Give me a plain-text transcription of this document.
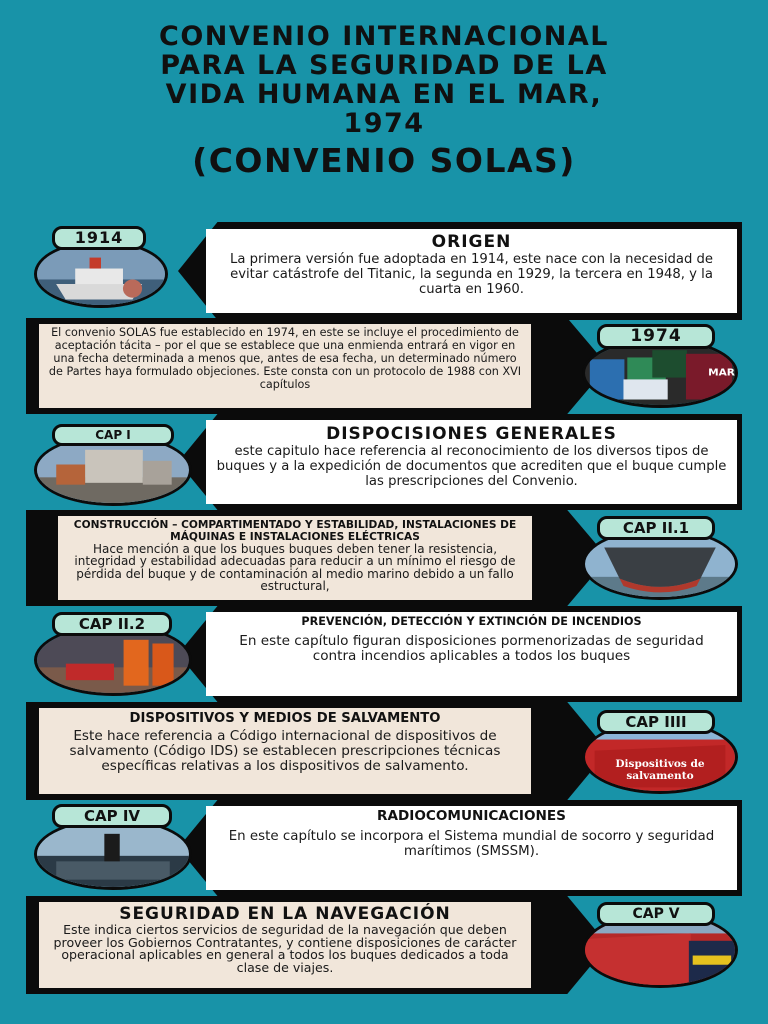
CONVENIO INTERNACIONAL
PARA LA SEGURIDAD DE LA
VIDA HUMANA EN EL MAR,
1974
(CONVENIO SOLAS)
ORIGEN
La primera versión fue adoptada en 1914, este nace con la necesidad de evitar catástrofe del Titanic, la segunda en 1929, la tercera en 1948, y la cuarta en 1960.
1914
El convenio SOLAS fue establecido en 1974, en este se incluye el procedimiento de aceptación tácita – por el que se establece que una enmienda entrará en vigor en una fecha determinada a menos que, antes de esa fecha, un determinado número de Partes haya formulado objeciones. Este consta con un protocolo de 1988 con XVI capítulos
MAR
1974
DISPOCISIONES GENERALES
este capitulo hace referencia al reconocimiento de los diversos tipos de buques y a la expedición de documentos que acrediten que el buque cumple las prescripciones del Convenio.
CAP I
CONSTRUCCIÓN – COMPARTIMENTADO Y ESTABILIDAD, INSTALACIONES DE MÁQUINAS E INSTALACIONES ELÉCTRICAS
Hace mención a que los buques buques deben tener la resistencia, integridad y estabilidad adecuadas para reducir a un mínimo el riesgo de pérdida del buque y de contaminación al medio marino debido a un fallo estructural,
CAP II.1
PREVENCIÓN, DETECCIÓN Y EXTINCIÓN DE INCENDIOS
En este capítulo figuran disposiciones pormenorizadas de seguridad contra incendios aplicables a todos los buques
CAP II.2
DISPOSITIVOS Y MEDIOS DE SALVAMENTO
Este hace referencia a Código internacional de dispositivos de salvamento (Código IDS) se establecen prescripciones técnicas específicas relativas a los dispositivos de salvamento.	Dispositivos de
salvamento
CAP IIII
RADIOCOMUNICACIONES
En este capítulo se incorpora el Sistema mundial de socorro y seguridad marítimos (SMSSM).
CAP IV
SEGURIDAD EN LA NAVEGACIÓN
Este indica ciertos servicios de seguridad de la navegación que deben proveer los Gobiernos Contratantes, y contiene disposiciones de carácter operacional aplicables en general a todos los buques dedicados a toda clase de viajes.
CAP V
